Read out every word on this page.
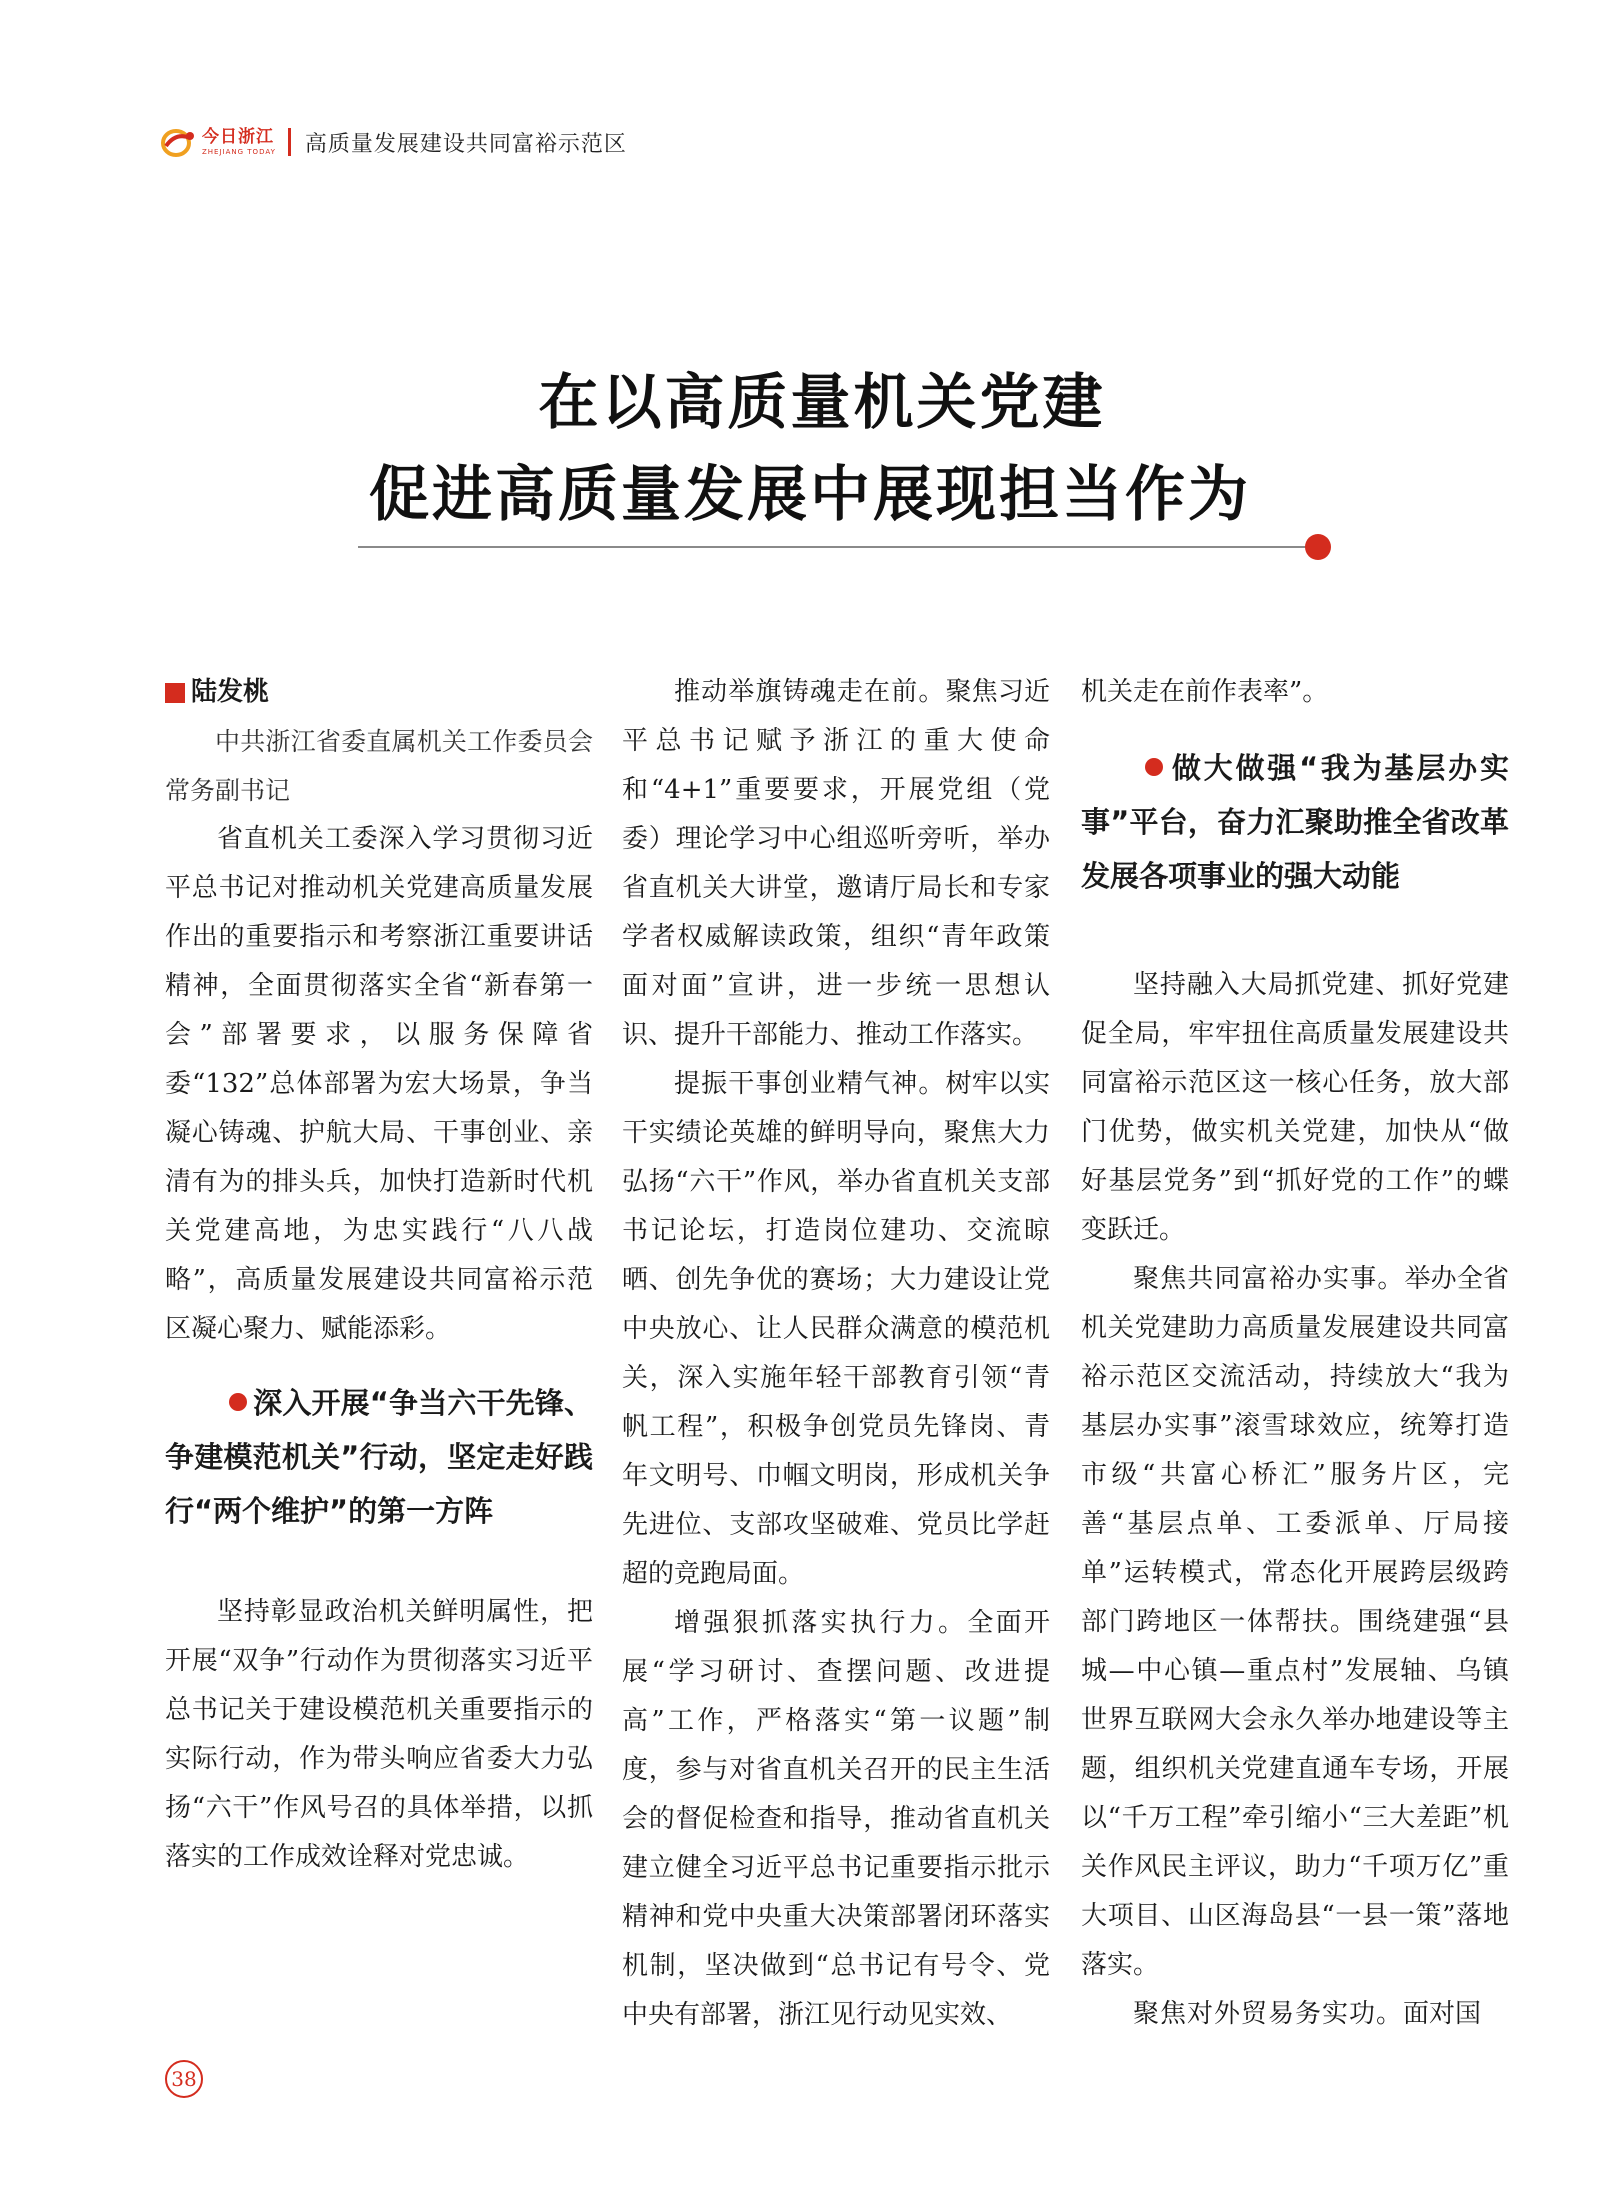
今日浙江
ZHEJIANG TODAY 高质量发展建设共同富裕示范区
在以高质量机关党建
促进高质量发展中展现担当作为
陆发桃

中共浙江省委直属机关工作委员会常务副书记

省直机关工委深入学习贯彻习近平总书记对推动机关党建高质量发展作出的重要指示和考察浙江重要讲话精神，全面贯彻落实全省“新春第一会”部署要求，以服务保障省委“132”总体部署为宏大场景，争当凝心铸魂、护航大局、干事创业、亲清有为的排头兵，加快打造新时代机关党建高地，为忠实践行“八八战略”，高质量发展建设共同富裕示范区凝心聚力、赋能添彩。

深入开展“争当六干先锋、争建模范机关”行动，坚定走好践行“两个维护”的第一方阵

坚持彰显政治机关鲜明属性，把开展“双争”行动作为贯彻落实习近平总书记关于建设模范机关重要指示的实际行动，作为带头响应省委大力弘扬“六干”作风号召的具体举措，以抓落实的工作成效诠释对党忠诚。

推动举旗铸魂走在前。聚焦习近平总书记赋予浙江的重大使命和“4+1”重要要求，开展党组（党委）理论学习中心组巡听旁听，举办省直机关大讲堂，邀请厅局长和专家学者权威解读政策，组织“青年政策面对面”宣讲，进一步统一思想认识、提升干部能力、推动工作落实。

提振干事创业精气神。树牢以实干实绩论英雄的鲜明导向，聚焦大力弘扬“六干”作风，举办省直机关支部书记论坛，打造岗位建功、交流晾晒、创先争优的赛场；大力建设让党中央放心、让人民群众满意的模范机关，深入实施年轻干部教育引领“青帆工程”，积极争创党员先锋岗、青年文明号、巾帼文明岗，形成机关争先进位、支部攻坚破难、党员比学赶超的竞跑局面。

增强狠抓落实执行力。全面开展“学习研讨、查摆问题、改进提高”工作，严格落实“第一议题”制度，参与对省直机关召开的民主生活会的督促检查和指导，推动省直机关建立健全习近平总书记重要指示批示精神和党中央重大决策部署闭环落实机制，坚决做到“总书记有号令、党中央有部署，浙江见行动见实效、

机关走在前作表率”。

做大做强“我为基层办实事”平台，奋力汇聚助推全省改革发展各项事业的强大动能

坚持融入大局抓党建、抓好党建促全局，牢牢扭住高质量发展建设共同富裕示范区这一核心任务，放大部门优势，做实机关党建，加快从“做好基层党务”到“抓好党的工作”的蝶变跃迁。

聚焦共同富裕办实事。举办全省机关党建助力高质量发展建设共同富裕示范区交流活动，持续放大“我为基层办实事”滚雪球效应，统筹打造市级“共富心桥汇”服务片区，完善“基层点单、工委派单、厅局接单”运转模式，常态化开展跨层级跨部门跨地区一体帮扶。围绕建强“县城—中心镇—重点村”发展轴、乌镇世界互联网大会永久举办地建设等主题，组织机关党建直通车专场，开展以“千万工程”牵引缩小“三大差距”机关作风民主评议，助力“千项万亿”重大项目、山区海岛县“一县一策”落地落实。

聚焦对外贸易务实功。面对国

38
